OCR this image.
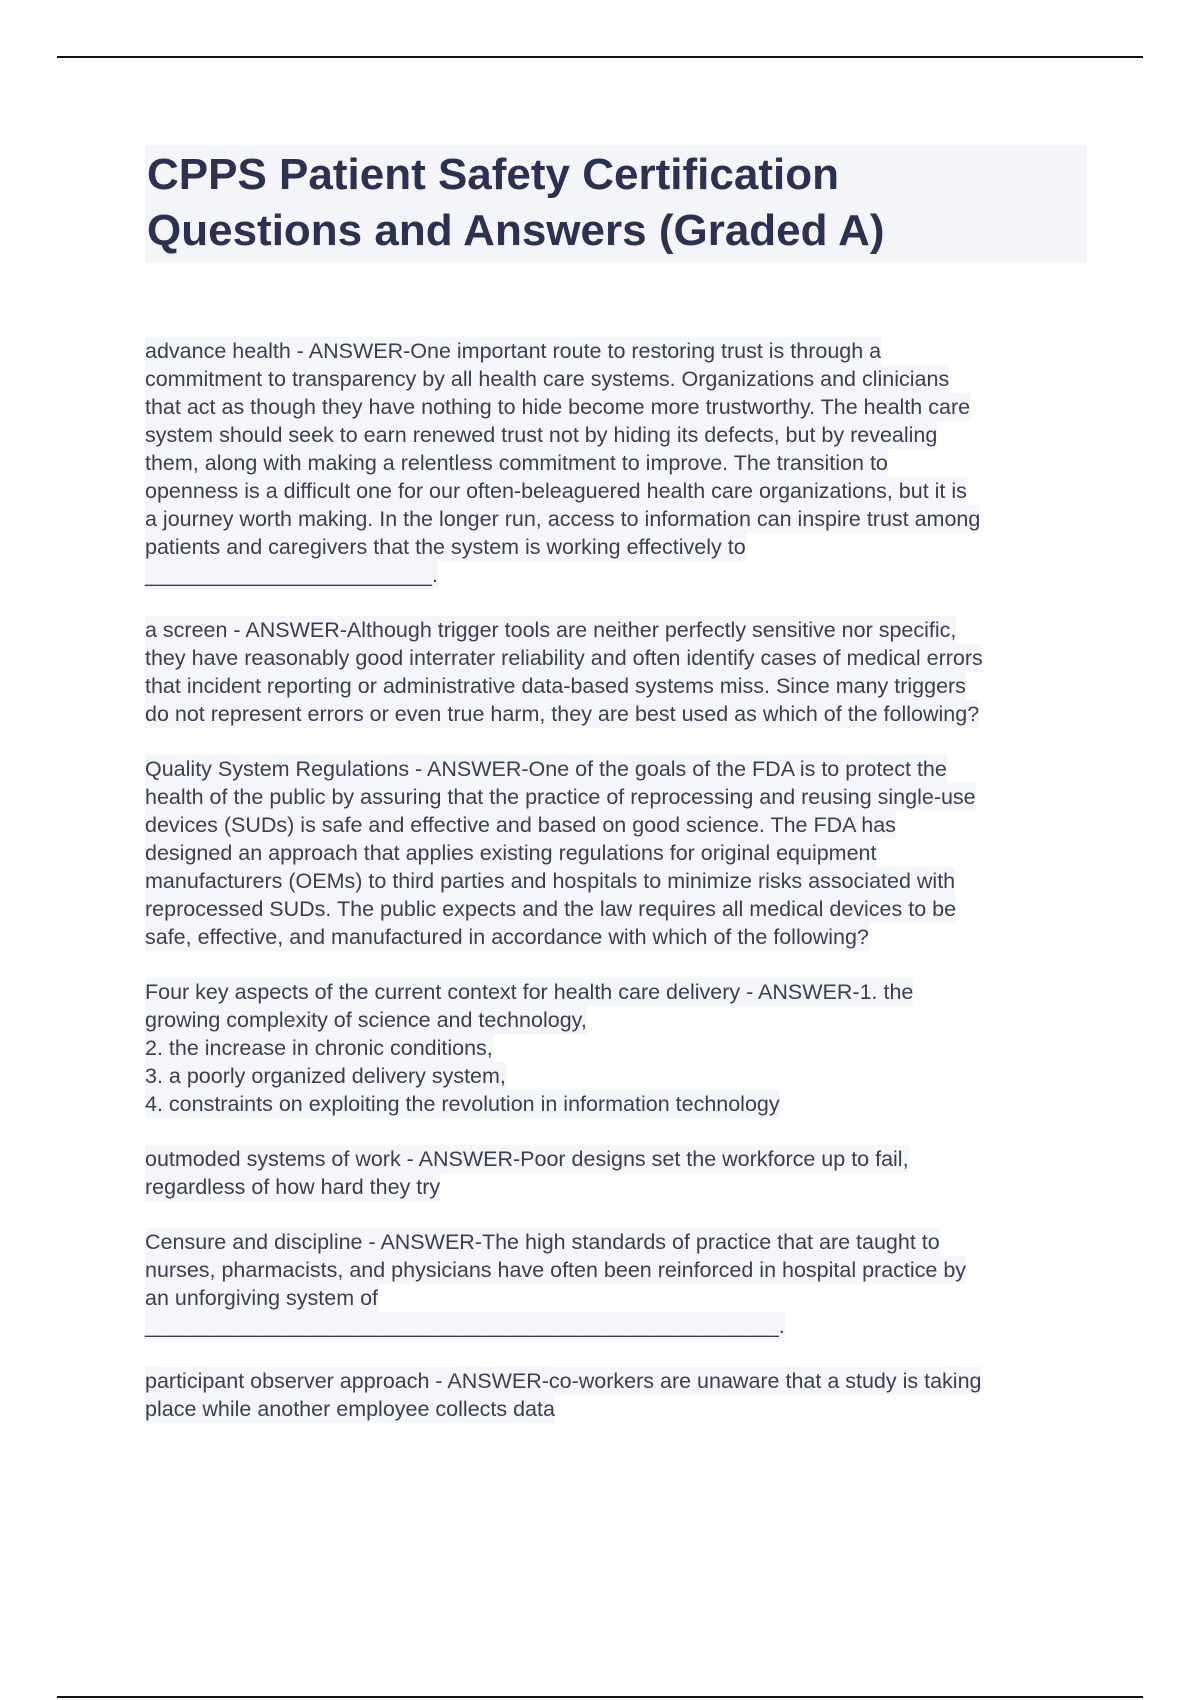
CPPS Patient Safety Certification
Questions and Answers (Graded A)
advance health - ANSWER-One important route to restoring trust is through a
commitment to transparency by all health care systems. Organizations and clinicians
that act as though they have nothing to hide become more trustworthy. The health care
system should seek to earn renewed trust not by hiding its defects, but by revealing
them, along with making a relentless commitment to improve. The transition to
openness is a difficult one for our often-beleaguered health care organizations, but it is
a journey worth making. In the longer run, access to information can inspire trust among
patients and caregivers that the system is working effectively to
________________________.
a screen - ANSWER-Although trigger tools are neither perfectly sensitive nor specific,
they have reasonably good interrater reliability and often identify cases of medical errors
that incident reporting or administrative data-based systems miss. Since many triggers
do not represent errors or even true harm, they are best used as which of the following?
Quality System Regulations - ANSWER-One of the goals of the FDA is to protect the
health of the public by assuring that the practice of reprocessing and reusing single-use
devices (SUDs) is safe and effective and based on good science. The FDA has
designed an approach that applies existing regulations for original equipment
manufacturers (OEMs) to third parties and hospitals to minimize risks associated with
reprocessed SUDs. The public expects and the law requires all medical devices to be
safe, effective, and manufactured in accordance with which of the following?
Four key aspects of the current context for health care delivery - ANSWER-1. the
growing complexity of science and technology,
2. the increase in chronic conditions,
3. a poorly organized delivery system,
4. constraints on exploiting the revolution in information technology
outmoded systems of work - ANSWER-Poor designs set the workforce up to fail,
regardless of how hard they try
Censure and discipline - ANSWER-The high standards of practice that are taught to
nurses, pharmacists, and physicians have often been reinforced in hospital practice by
an unforgiving system of
_____________________________________________________.
participant observer approach - ANSWER-co-workers are unaware that a study is taking
place while another employee collects data
